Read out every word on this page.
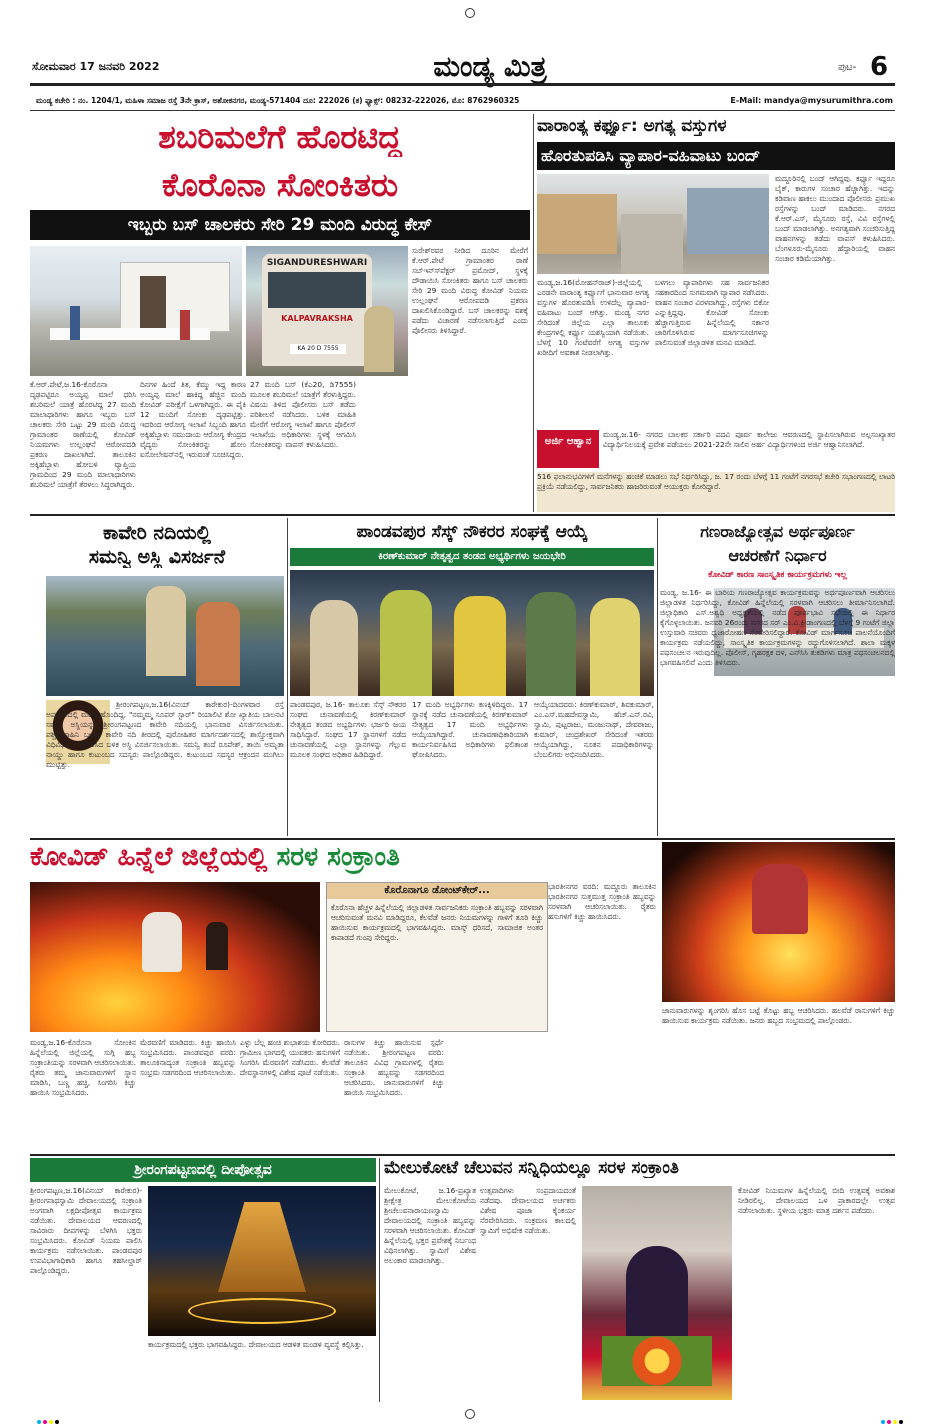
ಸೋಮವಾರ 17 ಜನವರಿ 2022	ಮಂಡ್ಯ ಮಿತ್ರ	ಪುಟ- 6
ಮಂಡ್ಯ ಕಚೇರಿ : ನಂ. 1204/1, ಮಹಿಳಾ ಸಮಾಜ ರಸ್ತೆ 3ನೇ ಕ್ರಾಸ್, ಅಶೋಕನಗರ, ಮಂಡ್ಯ-571404 ದೂ: 222026 (ಕ) ಫ್ಯಾಕ್ಸ್: 08232-222026, ಮೊ: 8762960325	E-Mail: mandya@mysurumithra.com
ಶಬರಿಮಲೆಗೆ ಹೊರಟಿದ್ದ
ಕೊರೊನಾ ಸೋಂಕಿತರು
ಇಬ್ಬರು ಬಸ್ ಚಾಲಕರು ಸೇರಿ 29 ಮಂದಿ ವಿರುದ್ಧ ಕೇಸ್
SIGANDURESHWARI
KALPAVRAKSHA
KA 20 D 7555
ಕೆ.ಆರ್.ಪೇಟೆ,ಜ.16-ಕೊರೊನಾ ದೃಢಪಟ್ಟಿರೂ ಅಯ್ಯಪ್ಪ ಮಾಲೆ ಧರಿಸಿ ಶಬರಿಮಲೆ ಯಾತ್ರೆ ಹೊರಟಿದ್ದ 27 ಮಂದಿ ಮಾಲಾಧಾರಿಗಳು ಹಾಗೂ ಇಬ್ಬರು ಬಸ್ ಚಾಲಕರು ಸೇರಿ ಒಟ್ಟು 29 ಮಂದಿ ವಿರುದ್ಧ ಗ್ರಾಮಾಂತರ ಠಾಣೆಯಲ್ಲಿ ಕೋವಿಡ್ ನಿಯಮಗಳು ಉಲ್ಲಂಘನೆ ಆರೋಪದಡಿ ಪ್ರಕರಣ ದಾಖಲಾಗಿದೆ. ತಾಲೂಕಿನ ಅಕ್ಕಿಹೆಬ್ಬಾಳು ಹೋಬಳಿ ವ್ಯಾಪ್ತಿಯ ಗ್ರಾಮದಿಂದ 29 ಮಂದಿ ಮಾಲಾಧಾರಿಗಳು ಶಬರಿಮಲೆ ಯಾತ್ರೆಗೆ ತೆರಳಲು ಸಿದ್ಧರಾಗಿದ್ದರು.
ದಿನಗಳ ಹಿಂದೆ ತಿತ, ಕೆಮ್ಮು ಇದ್ದ ಕಾರಣ ಅಯ್ಯಪ್ಪ ಮಾಲೆ ಹಾಕಿದ್ದ ಹೆಚ್ಚಿನ ಮಂದಿ ಕೋವಿಡ್ ಪರೀಕ್ಷೆಗೆ ಒಳಗಾಗಿದ್ದರು. ಈ ಪೈಕಿ 12 ಮಂದಿಗೆ ಸೋಂಕು ದೃಢಪಟ್ಟಿತ್ತು. ಇದರಿಂದ ಆರೋಗ್ಯ ಇಲಾಖೆ ಸಿಬ್ಬಂದಿ ಹಾಗೂ ಅಕ್ಕಿಹೆಬ್ಬಾಳು ಸಮುದಾಯ ಆರೋಗ್ಯ ಕೇಂದ್ರದ ವೈದ್ಯರು ಸೋಂಕಿತರನ್ನು ಹೋಂ ಐಸೋಲೇಷನ್‍ನಲ್ಲಿ ಇರುವಂತೆ ಸೂಚಿಸಿದ್ದರು.
27 ಮಂದಿ ಬಸ್ (ಕೆಎ20, ಡಿ7555) ಮೂಲಕ ಶಬರಿಮಲೆ ಯಾತ್ರೆಗೆ ತೆರಳುತ್ತಿದ್ದರು. ವಿಷಯ ತಿಳಿದ ಪೊಲೀಸರು ಬಸ್ ತಡೆದು ಪರಿಶೀಲನೆ ನಡೆಸಿದರು. ಬಳಿಕ ಮಾಹಿತಿ ಮೇರೆಗೆ ಆರೋಗ್ಯ ಇಲಾಖೆ ಹಾಗೂ ಪೊಲೀಸ್ ಇಲಾಖೆಯ ಅಧಿಕಾರಿಗಳು ಸ್ಥಳಕ್ಕೆ ಆಗಮಿಸಿ ಸೋಂಕಿತರನ್ನು ವಾಪಸ್ ಕಳುಹಿಸಿದರು.
ಸುರೇಶ್‍ರವರ ನೀಡಿದ ದೂರಿನ ಮೇರೆಗೆ ಕೆ.ಆರ್.ಪೇಟೆ ಗ್ರಾಮಾಂತರ ಠಾಣೆ ಸಬ್‍ಇನ್ಸ್‍ಪೆಕ್ಟರ್ ಪ್ರಮೋದ್, ಸ್ಥಳಕ್ಕೆ ದೌಡಾಯಿಸಿ ಸೋಂಕಿತರು ಹಾಗೂ ಬಸ್ ಚಾಲಕರು ಸೇರಿ 29 ಮಂದಿ ವಿರುದ್ಧ ಕೋವಿಡ್ ನಿಯಮ ಉಲ್ಲಂಘನೆ ಆರೋಪದಡಿ ಪ್ರಕರಣ ದಾಖಲಿಸಿಕೊಂಡಿದ್ದಾರೆ. ಬಸ್ ಚಾಲಕರನ್ನು ವಶಕ್ಕೆ ಪಡೆದು ವಿಚಾರಣೆ ನಡೆಸಲಾಗುತ್ತಿದೆ ಎಂದು ಪೊಲೀಸರು ತಿಳಿಸಿದ್ದಾರೆ.
ವಾರಾಂತ್ಯ ಕರ್ಫ್ಯೂ: ಅಗತ್ಯ ವಸ್ತುಗಳ
ಹೊರತುಪಡಿಸಿ ವ್ಯಾಪಾರ-ವಹಿವಾಟು ಬಂದ್
ಮಂಡ್ಯ,ಜ.16(ಮೋಹನ್‍ರಾಜ್)-ಜಿಲ್ಲೆಯಲ್ಲಿ ಎರಡನೇ ವಾರಾಂತ್ಯ ಕರ್ಫ್ಯೂಗೆ ಭಾನುವಾರ ಅಗತ್ಯ ವಸ್ತುಗಳ ಹೊರತುಪಡಿಸಿ ಉಳಿದೆಲ್ಲ ವ್ಯಾಪಾರ-ವಹಿವಾಟು ಬಂದ್ ಆಗಿತ್ತು. ಮಂಡ್ಯ ನಗರ ಸೇರಿದಂತೆ ಜಿಲ್ಲೆಯ ಎಲ್ಲಾ ತಾಲೂಕು ಕೇಂದ್ರಗಳಲ್ಲಿ ಕರ್ಫ್ಯೂ ಯಶಸ್ವಿಯಾಗಿ ನಡೆಯಿತು. ಬೆಳಗ್ಗೆ 10 ಗಂಟೆವರೆಗೆ ಅಗತ್ಯ ವಸ್ತುಗಳ ಖರೀದಿಗೆ ಅವಕಾಶ ನೀಡಲಾಗಿತ್ತು.
ಬಳಗಲು ವ್ಯಾಪಾರಿಗಳು ಸಹ ಸಾರ್ವಜನಿಕರ ಸಹಕಾರದಿಂದ ಸುಗಮವಾಗಿ ವ್ಯಾಪಾರ ನಡೆಸಿದರು. ವಾಹನ ಸಂಚಾರ ವಿರಳವಾಗಿದ್ದು, ರಸ್ತೆಗಳು ಬಿಕೋ ಎನ್ನುತ್ತಿದ್ದವು. ಕೋವಿಡ್ ಸೋಂಕು ಹೆಚ್ಚಾಗುತ್ತಿರುವ ಹಿನ್ನೆಲೆಯಲ್ಲಿ ಸರ್ಕಾರ ಜಾರಿಗೊಳಿಸಿರುವ ಮಾರ್ಗಸೂಚಿಗಳನ್ನು ಪಾಲಿಸುವಂತೆ ಜಿಲ್ಲಾಡಳಿತ ಮನವಿ ಮಾಡಿದೆ.
ಮದ್ದೂರಿನಲ್ಲಿ ಬಂದ್ ಆಗಿದ್ದವು. ಕರ್ಫ್ಯೂ ಇದ್ದರೂ ಬೈಕ್, ಕಾರುಗಳ ಸಂಚಾರ ಹೆಚ್ಚಾಗಿತ್ತು. ಇದನ್ನು ಕಡಿವಾಣ ಹಾಕಲು ಮುಂದಾದ ಪೊಲೀಸರು ಪ್ರಮುಖ ರಸ್ತೆಗಳನ್ನು ಬಂದ್ ಮಾಡಿದರು. ನಗರದ ಕೆ.ಆರ್.ಎಸ್, ಮೈಸೂರು ರಸ್ತೆ, ವಿವಿ ರಸ್ತೆಗಳಲ್ಲಿ ಬಂದ್ ಮಾಡಲಾಗಿತ್ತು. ಅನಗತ್ಯವಾಗಿ ಸಂಚರಿಸುತ್ತಿದ್ದ ವಾಹನಗಳನ್ನು ತಡೆದು ವಾಪಸ್ ಕಳುಹಿಸಿದರು. ಬೆಂಗಳೂರು-ಮೈಸೂರು ಹೆದ್ದಾರಿಯಲ್ಲಿ ವಾಹನ ಸಂಚಾರ ಕಡಿಮೆಯಾಗಿತ್ತು.
ಅರ್ಜಿ ಆಹ್ವಾನ
ಮಂಡ್ಯ,ಜ.16- ನಗರದ ಬಾಲಕರ ಸರ್ಕಾರಿ ಪದವಿ ಪೂರ್ವ ಕಾಲೇಜು ಆವರಣದಲ್ಲಿ ಸ್ಥಾಪಿಸಲಾಗಿರುವ ಅಲ್ಪಸಂಖ್ಯಾತರ ವಿದ್ಯಾರ್ಥಿನಿಲಯಕ್ಕೆ ಪ್ರವೇಶ ಪಡೆಯಲು 2021-22ನೇ ಸಾಲಿನ ಅರ್ಹ ವಿದ್ಯಾರ್ಥಿಗಳಿಂದ ಅರ್ಜಿ ಆಹ್ವಾನಿಸಲಾಗಿದೆ.
516 ಫಲಾನುಭವಿಗಳಿಗೆ ಮನೆಗಳನ್ನು ಹಂಚಿಕೆ ಮಾಡಲು ಸಭೆ ನಿರ್ಧರಿಸಿದ್ದು, ಜ. 17 ರಂದು ಬೆಳಗ್ಗೆ 11 ಗಂಟೆಗೆ ನಗರಸಭೆ ಕಚೇರಿ ಸಭಾಂಗಣದಲ್ಲಿ ಲಾಟರಿ ಪ್ರಕ್ರಿಯೆ ನಡೆಯಲಿದ್ದು, ಸಾರ್ವಜನಿಕರು ಹಾಜರಿರುವಂತೆ ಆಯುಕ್ತರು ಕೋರಿದ್ದಾರೆ.
ಕಾವೇರಿ ನದಿಯಲ್ಲಿ
ಸಮನ್ವಿ ಅಸ್ಥಿ ವಿಸರ್ಜನೆ
ಶ್ರೀರಂಗಪಟ್ಟಣ,ಜ.16(ವಿನಯ್ ಕಾರೇಕುರ)-ದಿಂಗಳವಾರ ರಸ್ತೆ ಅಪಘಾತದಲ್ಲಿ ಮರಣ ಹೊಂದಿದ್ದ, "ನಮ್ಮಮ್ಮ ಸೂಪರ್ ಸ್ಟಾರ್" ರಿಯಾಲಿಟಿ ಶೋ ಖ್ಯಾತಿಯ ಬಾಲನಟಿ ಸಮನ್ವಿ ಅಸ್ಥಿಯನ್ನು ಶ್ರೀರಂಗಪಟ್ಟಣದ ಕಾವೇರಿ ನದಿಯಲ್ಲಿ ಭಾನುವಾರ ವಿಸರ್ಜಿಸಲಾಯಿತು. ಪಶ್ಚಿಮವಾಹಿನಿ ಬಳಿಯ ಕಾವೇರಿ ನದಿ ತೀರದಲ್ಲಿ ಪುರೋಹಿತರ ಮಾರ್ಗದರ್ಶನದಲ್ಲಿ ಶಾಸ್ತ್ರೋಕ್ತವಾಗಿ ವಿಧಿವಿಧಾನ ನೆರವೇರಿಸಿದ ಬಳಿಕ ಅಸ್ಥಿ ವಿಸರ್ಜಿಸಲಾಯಿತು. ಸಮನ್ವಿ ತಂದೆ ರೂಪೇಶ್, ತಾಯಿ ಅಮೃತಾ ನಾಯ್ಡು ಹಾಗೂ ಕುಟುಂಬದ ಸದಸ್ಯರು ಪಾಲ್ಗೊಂಡಿದ್ದರು. ಕುಟುಂಬದ ಸದಸ್ಯರ ಆಕ್ರಂದನ ಮುಗಿಲು ಮುಟ್ಟಿತ್ತು.
ಪಾಂಡವಪುರ ಸೆಸ್ಕ್ ನೌಕರರ ಸಂಘಕ್ಕೆ ಆಯ್ಕೆ
ಕಿರಣ್‍ಕುಮಾರ್ ನೇತೃತ್ವದ ತಂಡದ ಅಭ್ಯರ್ಥಿಗಳು ಜಯಭೇರಿ
ಪಾಂಡವಪುರ, ಜ.16- ತಾಲೂಕು ಸೆಸ್ಕ್ ನೌಕರರ ಸಂಘದ ಚುನಾವಣೆಯಲ್ಲಿ ಕಿರಣ್‍ಕುಮಾರ್ ನೇತೃತ್ವದ ತಂಡದ ಅಭ್ಯರ್ಥಿಗಳು ಭರ್ಜರಿ ಜಯ ಸಾಧಿಸಿದ್ದಾರೆ. ಸಂಘದ 17 ಸ್ಥಾನಗಳಿಗೆ ನಡೆದ ಚುನಾವಣೆಯಲ್ಲಿ ಎಲ್ಲಾ ಸ್ಥಾನಗಳನ್ನು ಗೆಲ್ಲುವ ಮೂಲಕ ಸಂಘದ ಅಧಿಕಾರ ಹಿಡಿದಿದ್ದಾರೆ.
17 ಮಂದಿ ಅಭ್ಯರ್ಥಿಗಳು ಕಣಕ್ಕಿಳಿದಿದ್ದರು. 17 ಸ್ಥಾನಕ್ಕೆ ನಡೆದ ಚುನಾವಣೆಯಲ್ಲಿ ಕಿರಣ್‍ಕುಮಾರ್ ನೇತೃತ್ವದ 17 ಮಂದಿ ಅಭ್ಯರ್ಥಿಗಳು ಆಯ್ಕೆಯಾಗಿದ್ದಾರೆ. ಚುನಾವಣಾಧಿಕಾರಿಯಾಗಿ ಕಾರ್ಯನಿರ್ವಹಿಸಿದ ಅಧಿಕಾರಿಗಳು ಫಲಿತಾಂಶ ಘೋಷಿಸಿದರು.
ಆಯ್ಕೆಯಾದವರು: ಕಿರಣ್‍ಕುಮಾರ್, ಶಿವಕುಮಾರ್, ಎಂ.ಎಸ್.ಮಹದೇವಸ್ವಾಮಿ, ಹೆಚ್.ಎನ್.ರವಿ, ಸ್ವಾಮಿ, ಪುಟ್ಟರಾಜು, ಮಂಜುನಾಥ್, ದೇವರಾಜು, ಕುಮಾರ್, ಚಂದ್ರಶೇಖರ್ ಸೇರಿದಂತೆ ಇತರರು ಆಯ್ಕೆಯಾಗಿದ್ದು, ನೂತನ ಪದಾಧಿಕಾರಿಗಳನ್ನು ಬೆಂಬಲಿಗರು ಅಭಿನಂದಿಸಿದರು.
ಗಣರಾಜ್ಯೋತ್ಸವ ಅರ್ಥಪೂರ್ಣ
ಆಚರಣೆಗೆ ನಿರ್ಧಾರ
ಕೋವಿಡ್ ಕಾರಣ ಸಾಂಸ್ಕೃತಿಕ ಕಾರ್ಯಕ್ರಮಗಳು ಇಲ್ಲ
ಮಂಡ್ಯ, ಜ.16- ಈ ಬಾರಿಯ ಗಣರಾಜ್ಯೋತ್ಸವ ಕಾರ್ಯಕ್ರಮವನ್ನು ಅರ್ಥಪೂರ್ಣವಾಗಿ ಆಚರಿಸಲು ಜಿಲ್ಲಾಡಳಿತ ನಿರ್ಧರಿಸಿದ್ದು, ಕೋವಿಡ್ ಹಿನ್ನೆಲೆಯಲ್ಲಿ ಸರಳವಾಗಿ ಆಚರಿಸಲು ತೀರ್ಮಾನಿಸಲಾಗಿದೆ. ಜಿಲ್ಲಾಧಿಕಾರಿ ಎಸ್.ಅಶ್ವಥಿ ಅಧ್ಯಕ್ಷತೆಯಲ್ಲಿ ನಡೆದ ಪೂರ್ವಭಾವಿ ಸಭೆಯಲ್ಲಿ ಈ ನಿರ್ಧಾರ ಕೈಗೊಳ್ಳಲಾಯಿತು. ಜನವರಿ 26ರಂದು ನಗರದ ಸರ್ ಎಂ.ವಿ.ಕ್ರೀಡಾಂಗಣದಲ್ಲಿ ಬೆಳಗ್ಗೆ 9 ಗಂಟೆಗೆ ಜಿಲ್ಲಾ ಉಸ್ತುವಾರಿ ಸಚಿವರು ಧ್ವಜಾರೋಹಣ ನೆರವೇರಿಸಲಿದ್ದಾರೆ. ಕೋವಿಡ್ ಮಾರ್ಗಸೂಚಿ ಪಾಲನೆಯೊಂದಿಗೆ ಕಾರ್ಯಕ್ರಮ ನಡೆಯಲಿದ್ದು, ಸಾಂಸ್ಕೃತಿಕ ಕಾರ್ಯಕ್ರಮಗಳನ್ನು ರದ್ದುಗೊಳಿಸಲಾಗಿದೆ. ಶಾಲಾ ಮಕ್ಕಳ ಪಥಸಂಚಲನ ಇರುವುದಿಲ್ಲ. ಪೊಲೀಸ್, ಗೃಹರಕ್ಷಕ ದಳ, ಎನ್‍ಸಿಸಿ ತುಕಡಿಗಳು ಮಾತ್ರ ಪಥಸಂಚಲನದಲ್ಲಿ ಭಾಗವಹಿಸಲಿವೆ ಎಂದು ತಿಳಿಸಿದರು.
ಕೋವಿಡ್ ಹಿನ್ನೆಲೆ ಜಿಲ್ಲೆಯಲ್ಲಿ ಸರಳ ಸಂಕ್ರಾಂತಿ
ಕೊರೊನಾಗೂ ಡೋಂಟ್‍ಕೇರ್...
ಕೊರೊನಾ ಹೆಚ್ಚಳ ಹಿನ್ನೆಲೆಯಲ್ಲಿ ಜಿಲ್ಲಾಡಳಿತ ಸಾರ್ವಜನಿಕರು ಸಂಕ್ರಾಂತಿ ಹಬ್ಬವನ್ನು ಸರಳವಾಗಿ ಆಚರಿಸುವಂತೆ ಮನವಿ ಮಾಡಿದ್ದರೂ, ಕೆಲವೆಡೆ ಜನರು ನಿಯಮಗಳನ್ನು ಗಾಳಿಗೆ ತೂರಿ ಕಿಚ್ಚು ಹಾಯಿಸುವ ಕಾರ್ಯಕ್ರಮದಲ್ಲಿ ಭಾಗವಹಿಸಿದ್ದರು. ಮಾಸ್ಕ್ ಧರಿಸದೆ, ಸಾಮಾಜಿಕ ಅಂತರ ಕಾಪಾಡದೆ ಗುಂಪು ಸೇರಿದ್ದರು.
ಮಂಡ್ಯ,ಜ.16-ಕೊರೊನಾ ಸೋಂಕಿನ ಹಿನ್ನೆಲೆಯಲ್ಲಿ ಜಿಲ್ಲೆಯಲ್ಲಿ ಸುಗ್ಗಿ ಹಬ್ಬ ಸಂಕ್ರಾಂತಿಯನ್ನು ಸರಳವಾಗಿ ಆಚರಿಸಲಾಯಿತು. ರೈತರು ತಮ್ಮ ಜಾನುವಾರುಗಳಿಗೆ ಸ್ನಾನ ಮಾಡಿಸಿ, ಬಣ್ಣ ಹಚ್ಚಿ, ಸಿಂಗರಿಸಿ ಕಿಚ್ಚು ಹಾಯಿಸಿ ಸಂಭ್ರಮಿಸಿದರು.
ಮೆರವಣಿಗೆ ಮಾಡಿದರು. ಕಿಚ್ಚು ಹಾಯಿಸಿ ಸಂಭ್ರಮಿಸಿದರು. ಪಾಂಡವಪುರ ವರದಿ: ತಾಲೂಕಿನಾದ್ಯಂತ ಸಂಕ್ರಾಂತಿ ಹಬ್ಬವನ್ನು ಸಂಭ್ರಮ ಸಡಗರದಿಂದ ಆಚರಿಸಲಾಯಿತು.
ಎಳ್ಳು ಬೆಲ್ಲ ಹಂಚಿ ಶುಭಾಶಯ ಕೋರಿದರು. ಗ್ರಾಮೀಣ ಭಾಗದಲ್ಲಿ ಯುವಕರು ಹಸುಗಳಿಗೆ ಸಿಂಗರಿಸಿ ಮೆರವಣಿಗೆ ನಡೆಸಿದರು. ಕೆಲವೆಡೆ ದೇವಸ್ಥಾನಗಳಲ್ಲಿ ವಿಶೇಷ ಪೂಜೆ ನಡೆಯಿತು.
ರಾಸುಗಳ ಕಿಚ್ಚು ಹಾಯಿಸುವ ಸ್ಪರ್ಧೆ ನಡೆಯಿತು. ಶ್ರೀರಂಗಪಟ್ಟಣ ವರದಿ: ತಾಲೂಕಿನ ವಿವಿಧ ಗ್ರಾಮಗಳಲ್ಲಿ ರೈತರು ಸಂಕ್ರಾಂತಿ ಹಬ್ಬವನ್ನು ಸಡಗರದಿಂದ ಆಚರಿಸಿದರು. ಜಾನುವಾರುಗಳಿಗೆ ಕಿಚ್ಚು ಹಾಯಿಸಿ ಸಂಭ್ರಮಿಸಿದರು.
ಭಾರತೀನಗರ ವರದಿ: ಮದ್ದೂರು ತಾಲೂಕಿನ ಭಾರತೀನಗರ ಸುತ್ತಮುತ್ತ ಸಂಕ್ರಾಂತಿ ಹಬ್ಬವನ್ನು ಸರಳವಾಗಿ ಆಚರಿಸಲಾಯಿತು. ರೈತರು ಹಸುಗಳಿಗೆ ಕಿಚ್ಚು ಹಾಯಿಸಿದರು.
ಜಾನುವಾರುಗಳನ್ನು ಶೃಂಗರಿಸಿ ಹೊಸ ಬಟ್ಟೆ ತೊಟ್ಟು ಹಬ್ಬ ಆಚರಿಸಿದರು. ಹಲವೆಡೆ ರಾಸುಗಳಿಗೆ ಕಿಚ್ಚು ಹಾಯಿಸುವ ಕಾರ್ಯಕ್ರಮ ನಡೆಯಿತು. ಜನರು ಹಬ್ಬದ ಸಂಭ್ರಮದಲ್ಲಿ ಪಾಲ್ಗೊಂಡರು.
ಶ್ರೀರಂಗಪಟ್ಟಣದಲ್ಲಿ ದೀಪೋತ್ಸವ
ಶ್ರೀರಂಗಪಟ್ಟಣ,ಜ.16(ವಿನಯ್ ಕಾರೇಕುರ)-ಶ್ರೀರಂಗನಾಥಸ್ವಾಮಿ ದೇವಾಲಯದಲ್ಲಿ ಸಂಕ್ರಾಂತಿ ಅಂಗವಾಗಿ ಲಕ್ಷದೀಪೋತ್ಸವ ಕಾರ್ಯಕ್ರಮ ನಡೆಯಿತು. ದೇವಾಲಯದ ಆವರಣದಲ್ಲಿ ಸಾವಿರಾರು ದೀಪಗಳನ್ನು ಬೆಳಗಿಸಿ ಭಕ್ತರು ಸಂಭ್ರಮಿಸಿದರು. ಕೋವಿಡ್ ನಿಯಮ ಪಾಲಿಸಿ ಕಾರ್ಯಕ್ರಮ ನಡೆಸಲಾಯಿತು. ಪಾಂಡವಪುರ ಉಪವಿಭಾಗಾಧಿಕಾರಿ ಹಾಗೂ ತಹಸೀಲ್ದಾರ್ ಪಾಲ್ಗೊಂಡಿದ್ದರು.
ಕಾರ್ಯಕ್ರಮದಲ್ಲಿ ಭಕ್ತರು ಭಾಗವಹಿಸಿದ್ದರು. ದೇವಾಲಯದ ಆಡಳಿತ ಮಂಡಳಿ ವ್ಯವಸ್ಥೆ ಕಲ್ಪಿಸಿತ್ತು.
ಮೇಲುಕೋಟೆ ಚೆಲುವನ ಸನ್ನಿಧಿಯಲ್ಲೂ ಸರಳ ಸಂಕ್ರಾಂತಿ
ಮೇಲುಕೋಟೆ, ಜ.16-ಪ್ರಖ್ಯಾತ ಶ್ರೀಕ್ಷೇತ್ರ ಮೇಲುಕೋಟೆಯ ಶ್ರೀಚೆಲುವನಾರಾಯಣಸ್ವಾಮಿ ದೇವಾಲಯದಲ್ಲಿ ಸಂಕ್ರಾಂತಿ ಹಬ್ಬವನ್ನು ಸರಳವಾಗಿ ಆಚರಿಸಲಾಯಿತು. ಕೋವಿಡ್ ಹಿನ್ನೆಲೆಯಲ್ಲಿ ಭಕ್ತರ ಪ್ರವೇಶಕ್ಕೆ ನಿರ್ಬಂಧ ವಿಧಿಸಲಾಗಿತ್ತು. ಸ್ವಾಮಿಗೆ ವಿಶೇಷ ಅಲಂಕಾರ ಮಾಡಲಾಗಿತ್ತು.
ಉತ್ಸವಾದಿಗಳು ಸಂಪ್ರದಾಯದಂತೆ ನಡೆದವು. ದೇವಾಲಯದ ಅರ್ಚಕರು ವಿಶೇಷ ಪೂಜಾ ಕೈಂಕರ್ಯ ನೆರವೇರಿಸಿದರು. ಸಂಕ್ರಮಣ ಕಾಲದಲ್ಲಿ ಸ್ವಾಮಿಗೆ ಅಭಿಷೇಕ ನಡೆಯಿತು.
ಕೋವಿಡ್ ನಿಯಮಗಳ ಹಿನ್ನೆಲೆಯಲ್ಲಿ ಬೀದಿ ಉತ್ಸವಕ್ಕೆ ಅವಕಾಶ ನೀಡಿರಲಿಲ್ಲ. ದೇವಾಲಯದ ಒಳ ಪ್ರಾಕಾರದಲ್ಲೇ ಉತ್ಸವ ನಡೆಸಲಾಯಿತು. ಸ್ಥಳೀಯ ಭಕ್ತರು ಮಾತ್ರ ದರ್ಶನ ಪಡೆದರು.
